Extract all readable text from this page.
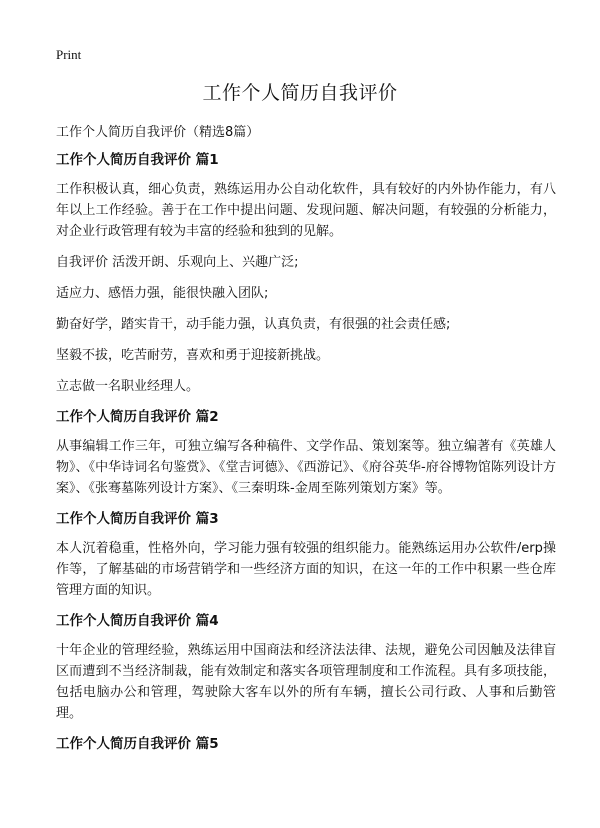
Print
工作个人简历自我评价

工作个人简历自我评价（精选8篇）

工作个人简历自我评价 篇1

工作积极认真，细心负责，熟练运用办公自动化软件，具有较好的内外协作能力，有八年以上工作经验。善于在工作中提出问题、发现问题、解决问题，有较强的分析能力，对企业行政管理有较为丰富的经验和独到的见解。

自我评价 活泼开朗、乐观向上、兴趣广泛;

适应力、感悟力强，能很快融入团队;

勤奋好学，踏实肯干，动手能力强，认真负责，有很强的社会责任感;

坚毅不拔，吃苦耐劳，喜欢和勇于迎接新挑战。

立志做一名职业经理人。

工作个人简历自我评价 篇2

从事编辑工作三年，可独立编写各种稿件、文学作品、策划案等。独立编著有《英雄人物》、《中华诗词名句鉴赏》、《堂吉诃德》、《西游记》、《府谷英华-府谷博物馆陈列设计方案》、《张骞墓陈列设计方案》、《三秦明珠-金周至陈列策划方案》等。

工作个人简历自我评价 篇3

本人沉着稳重，性格外向，学习能力强有较强的组织能力。能熟练运用办公软件/erp操作等，了解基础的市场营销学和一些经济方面的知识，在这一年的工作中积累一些仓库管理方面的知识。

工作个人简历自我评价 篇4

十年企业的管理经验，熟练运用中国商法和经济法法律、法规，避免公司因触及法律盲区而遭到不当经济制裁，能有效制定和落实各项管理制度和工作流程。具有多项技能，包括电脑办公和管理，驾驶除大客车以外的所有车辆，擅长公司行政、人事和后勤管理。

工作个人简历自我评价 篇5
